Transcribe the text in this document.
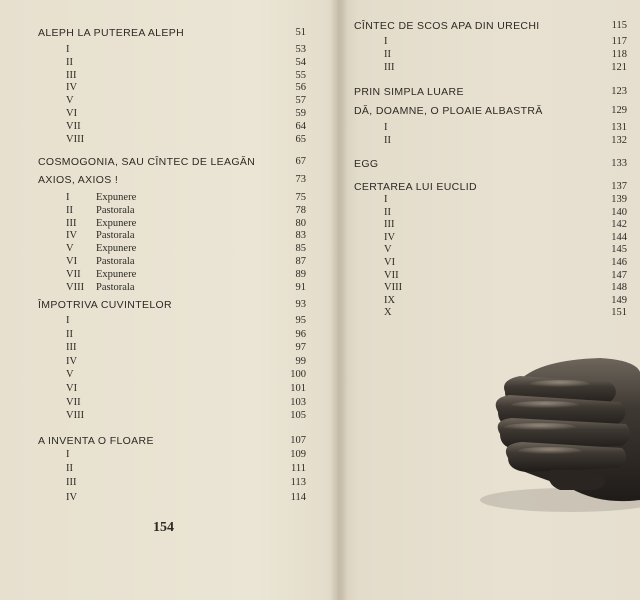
ALEPH LA PUTEREA ALEPH	51
I	53
II	54
III	55
IV	56
V	57
VI	59
VII	64
VIII	65
COSMOGONIA, SAU CÎNTEC DE LEAGĂN	67
AXIOS, AXIOS !	73
I	Expunere	75
II Pastorala	78
III Expunere	80
IV Pastorala	83
V Expunere	85
VI Pastorala	87
VII Expunere	89
VIII Pastorala	91
ÎMPOTRIVA CUVINTELOR	93
I	95
II	96
III	97
IV	99
V	100
VI	101
VII	103
VIII	105
A INVENTA O FLOARE	107
I	109
II	111
III	113
IV	114
CÎNTEC DE SCOS APA DIN URECHI	115
I	117
II	118
III	121
PRIN SIMPLA LUARE	123
DĂ, DOAMNE, O PLOAIE ALBASTRĂ	129
I	131
II	132
EGG	133
CERTAREA LUI EUCLID	137
I	139
II	140
III	142
IV	144
V	145
VI	146
VII	147
VIII	148
IX	149
X	151
154
